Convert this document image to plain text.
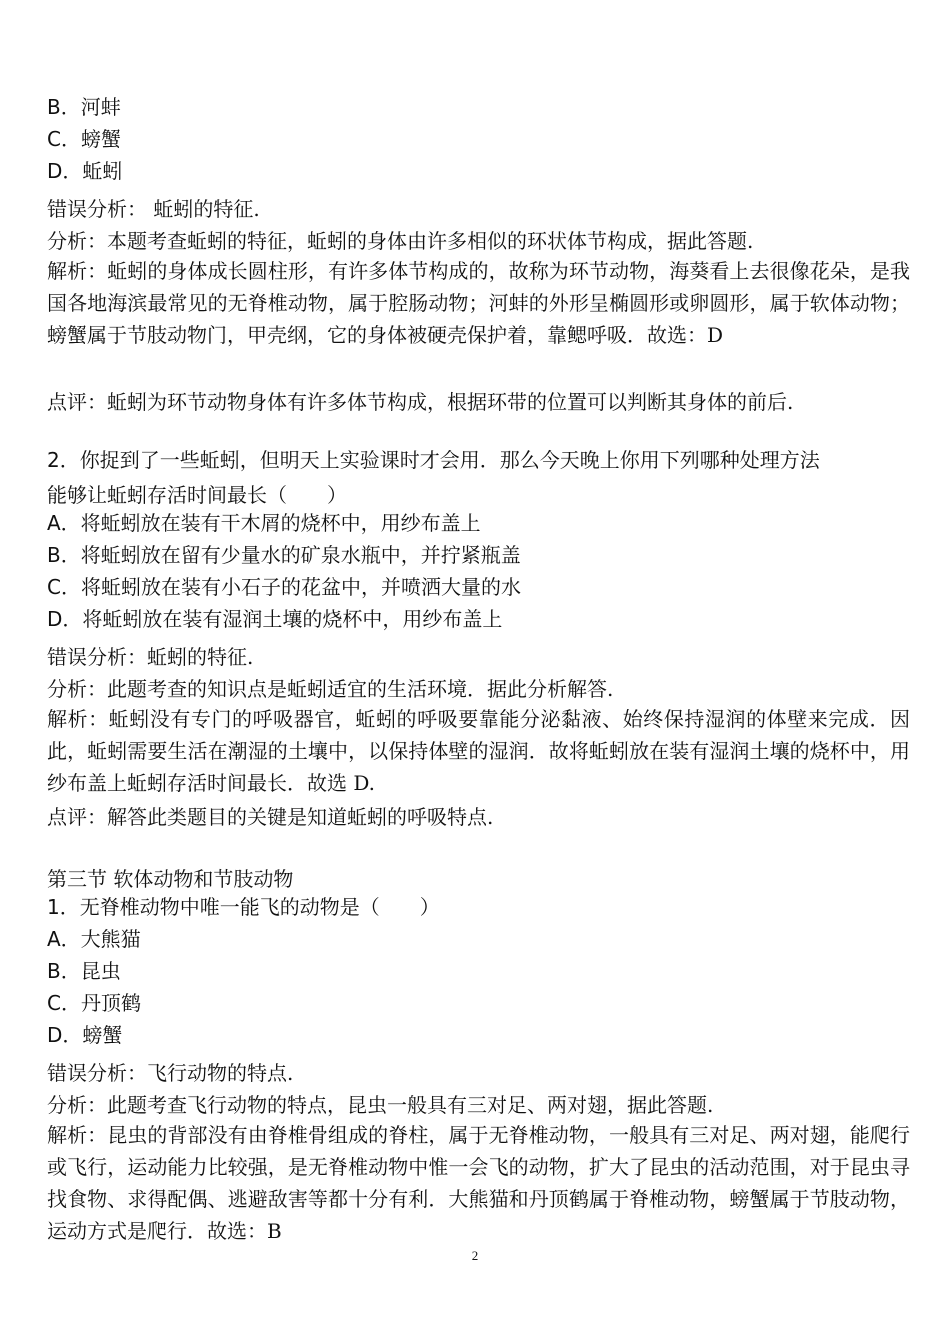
B．河蚌
C．螃蟹
D．蚯蚓
错误分析： 蚯蚓的特征.
分析：本题考查蚯蚓的特征，蚯蚓的身体由许多相似的环状体节构成，据此答题.
解析：蚯蚓的身体成长圆柱形，有许多体节构成的，故称为环节动物，海葵看上去很像花朵，是我国各地海滨最常见的无脊椎动物，属于腔肠动物；河蚌的外形呈椭圆形或卵圆形，属于软体动物；螃蟹属于节肢动物门，甲壳纲，它的身体被硬壳保护着，靠鳃呼吸．故选：D
点评：蚯蚓为环节动物身体有许多体节构成，根据环带的位置可以判断其身体的前后.
2．你捉到了一些蚯蚓，但明天上实验课时才会用．那么今天晚上你用下列哪种处理方法
能够让蚯蚓存活时间最长（　　）
A．将蚯蚓放在装有干木屑的烧杯中，用纱布盖上
B．将蚯蚓放在留有少量水的矿泉水瓶中，并拧紧瓶盖
C．将蚯蚓放在装有小石子的花盆中，并喷洒大量的水
D．将蚯蚓放在装有湿润土壤的烧杯中，用纱布盖上
错误分析：蚯蚓的特征.
分析：此题考查的知识点是蚯蚓适宜的生活环境．据此分析解答.
解析：蚯蚓没有专门的呼吸器官，蚯蚓的呼吸要靠能分泌黏液、始终保持湿润的体壁来完成．因此，蚯蚓需要生活在潮湿的土壤中，以保持体壁的湿润．故将蚯蚓放在装有湿润土壤的烧杯中，用纱布盖上蚯蚓存活时间最长．故选 D.
点评：解答此类题目的关键是知道蚯蚓的呼吸特点.
第三节 软体动物和节肢动物
1．无脊椎动物中唯一能飞的动物是（　　）
A．大熊猫
B．昆虫
C．丹顶鹤
D．螃蟹
错误分析：飞行动物的特点.
分析：此题考查飞行动物的特点，昆虫一般具有三对足、两对翅，据此答题.
解析：昆虫的背部没有由脊椎骨组成的脊柱，属于无脊椎动物，一般具有三对足、两对翅，能爬行或飞行，运动能力比较强，是无脊椎动物中惟一会飞的动物，扩大了昆虫的活动范围，对于昆虫寻找食物、求得配偶、逃避敌害等都十分有利．大熊猫和丹顶鹤属于脊椎动物，螃蟹属于节肢动物，运动方式是爬行．故选：B
2
